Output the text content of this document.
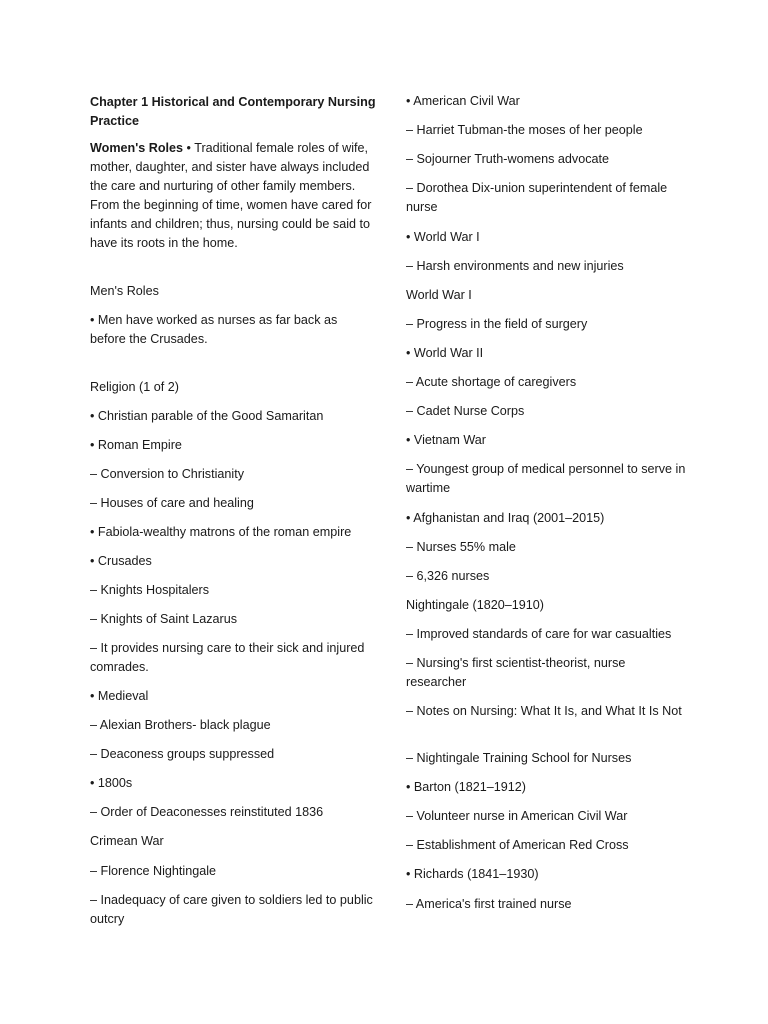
Chapter 1 Historical and Contemporary Nursing Practice

Women's Roles • Traditional female roles of wife, mother, daughter, and sister have always included the care and nurturing of other family members. From the beginning of time, women have cared for infants and children; thus, nursing could be said to have its roots in the home.

Men's Roles

• Men have worked as nurses as far back as before the Crusades.

Religion (1 of 2)

• Christian parable of the Good Samaritan

• Roman Empire

– Conversion to Christianity

– Houses of care and healing

• Fabiola-wealthy matrons of the roman empire

• Crusades

– Knights Hospitalers

– Knights of Saint Lazarus

– It provides nursing care to their sick and injured comrades.

• Medieval

– Alexian Brothers- black plague

– Deaconess groups suppressed

• 1800s

– Order of Deaconesses reinstituted 1836

Crimean War

– Florence Nightingale

– Inadequacy of care given to soldiers led to public outcry

• American Civil War

– Harriet Tubman-the moses of her people

– Sojourner Truth-womens advocate

– Dorothea Dix-union superintendent of female nurse

• World War I

– Harsh environments and new injuries

World War I

– Progress in the field of surgery

• World War II

– Acute shortage of caregivers

– Cadet Nurse Corps

• Vietnam War

– Youngest group of medical personnel to serve in wartime

• Afghanistan and Iraq (2001–2015)

– Nurses 55% male

– 6,326 nurses

Nightingale (1820–1910)

– Improved standards of care for war casualties

– Nursing's first scientist-theorist, nurse researcher

– Notes on Nursing: What It Is, and What It Is Not

– Nightingale Training School for Nurses

• Barton (1821–1912)

– Volunteer nurse in American Civil War

– Establishment of American Red Cross

• Richards (1841–1930)

– America's first trained nurse
